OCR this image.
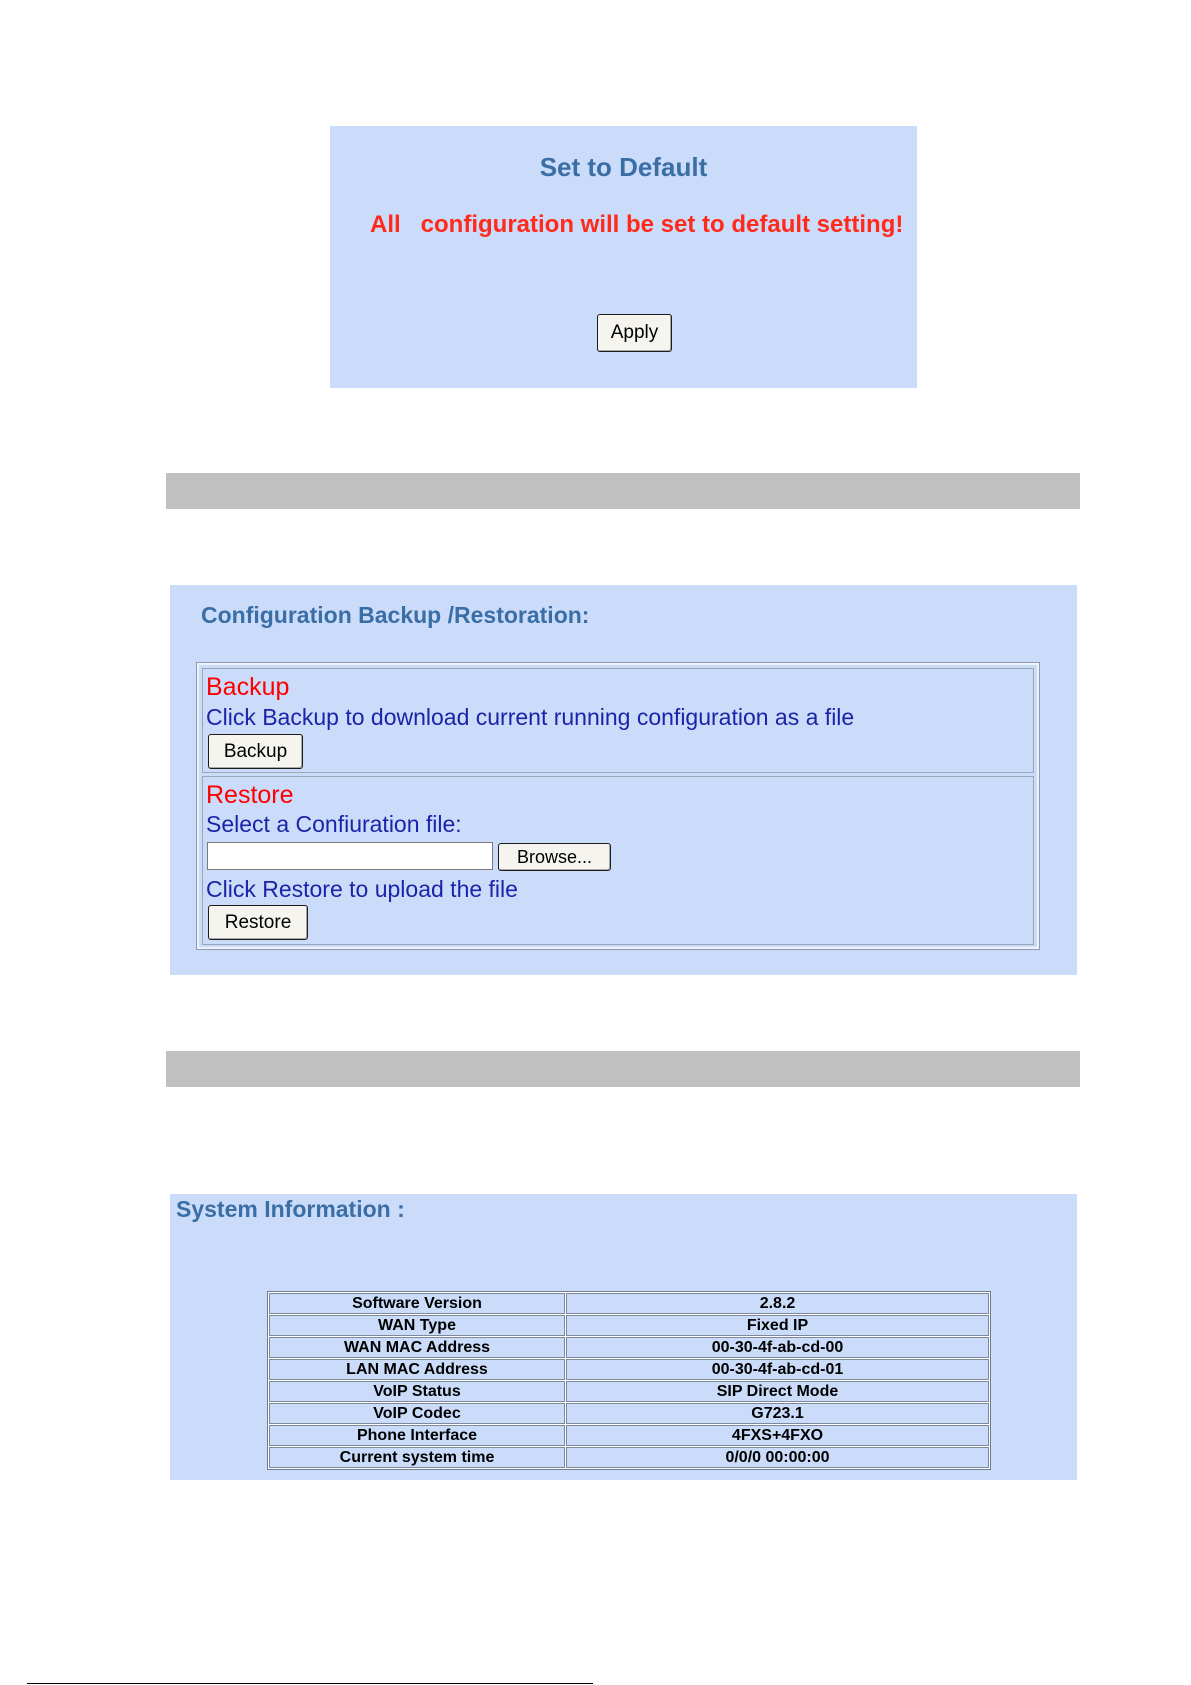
Set to Default
All   configuration will be set to default setting!
Apply
Configuration Backup /Restoration:
Backup
Click Backup to download current running configuration as a file
Backup
Restore
Select a Confiuration file:
Browse...
Click Restore to upload the file
Restore
System Information :
Software Version	2.8.2
WAN Type	Fixed IP
WAN MAC Address	00-30-4f-ab-cd-00
LAN MAC Address	00-30-4f-ab-cd-01
VoIP Status	SIP Direct Mode
VoIP Codec	G723.1
Phone Interface	4FXS+4FXO
Current system time	0/0/0 00:00:00
